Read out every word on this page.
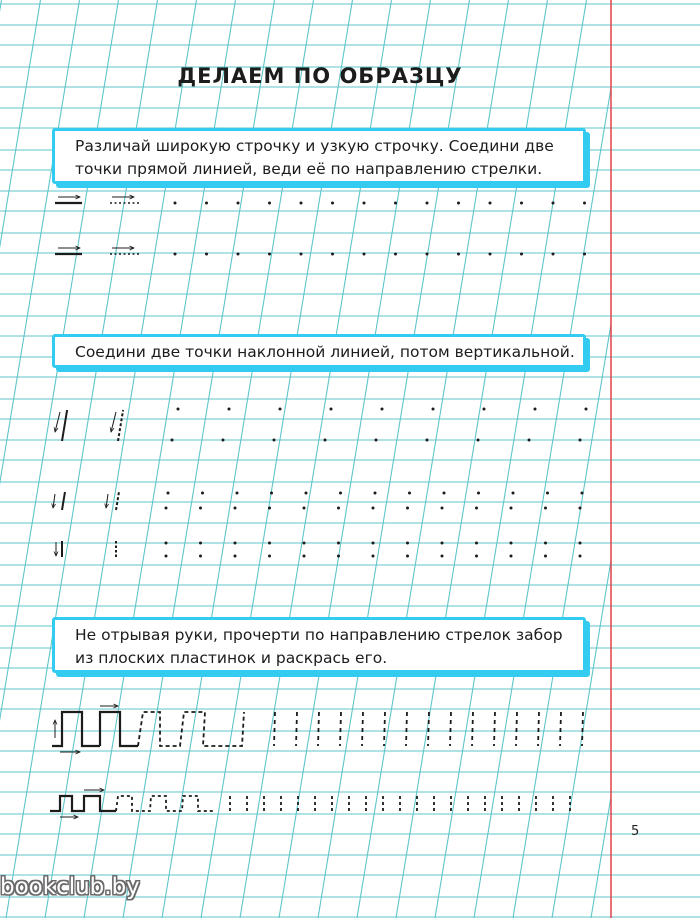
ДЕЛАЕМ ПО ОБРАЗЦУ
Различай широкую строчку и узкую строчку. Соедини две точки прямой линией, веди её по направлению стрелки.
Соедини две точки наклонной линией, потом вертикальной.
Не отрывая руки, прочерти по направлению стрелок забор из плоских пластинок и раскрась его.
5
bookclub.by
